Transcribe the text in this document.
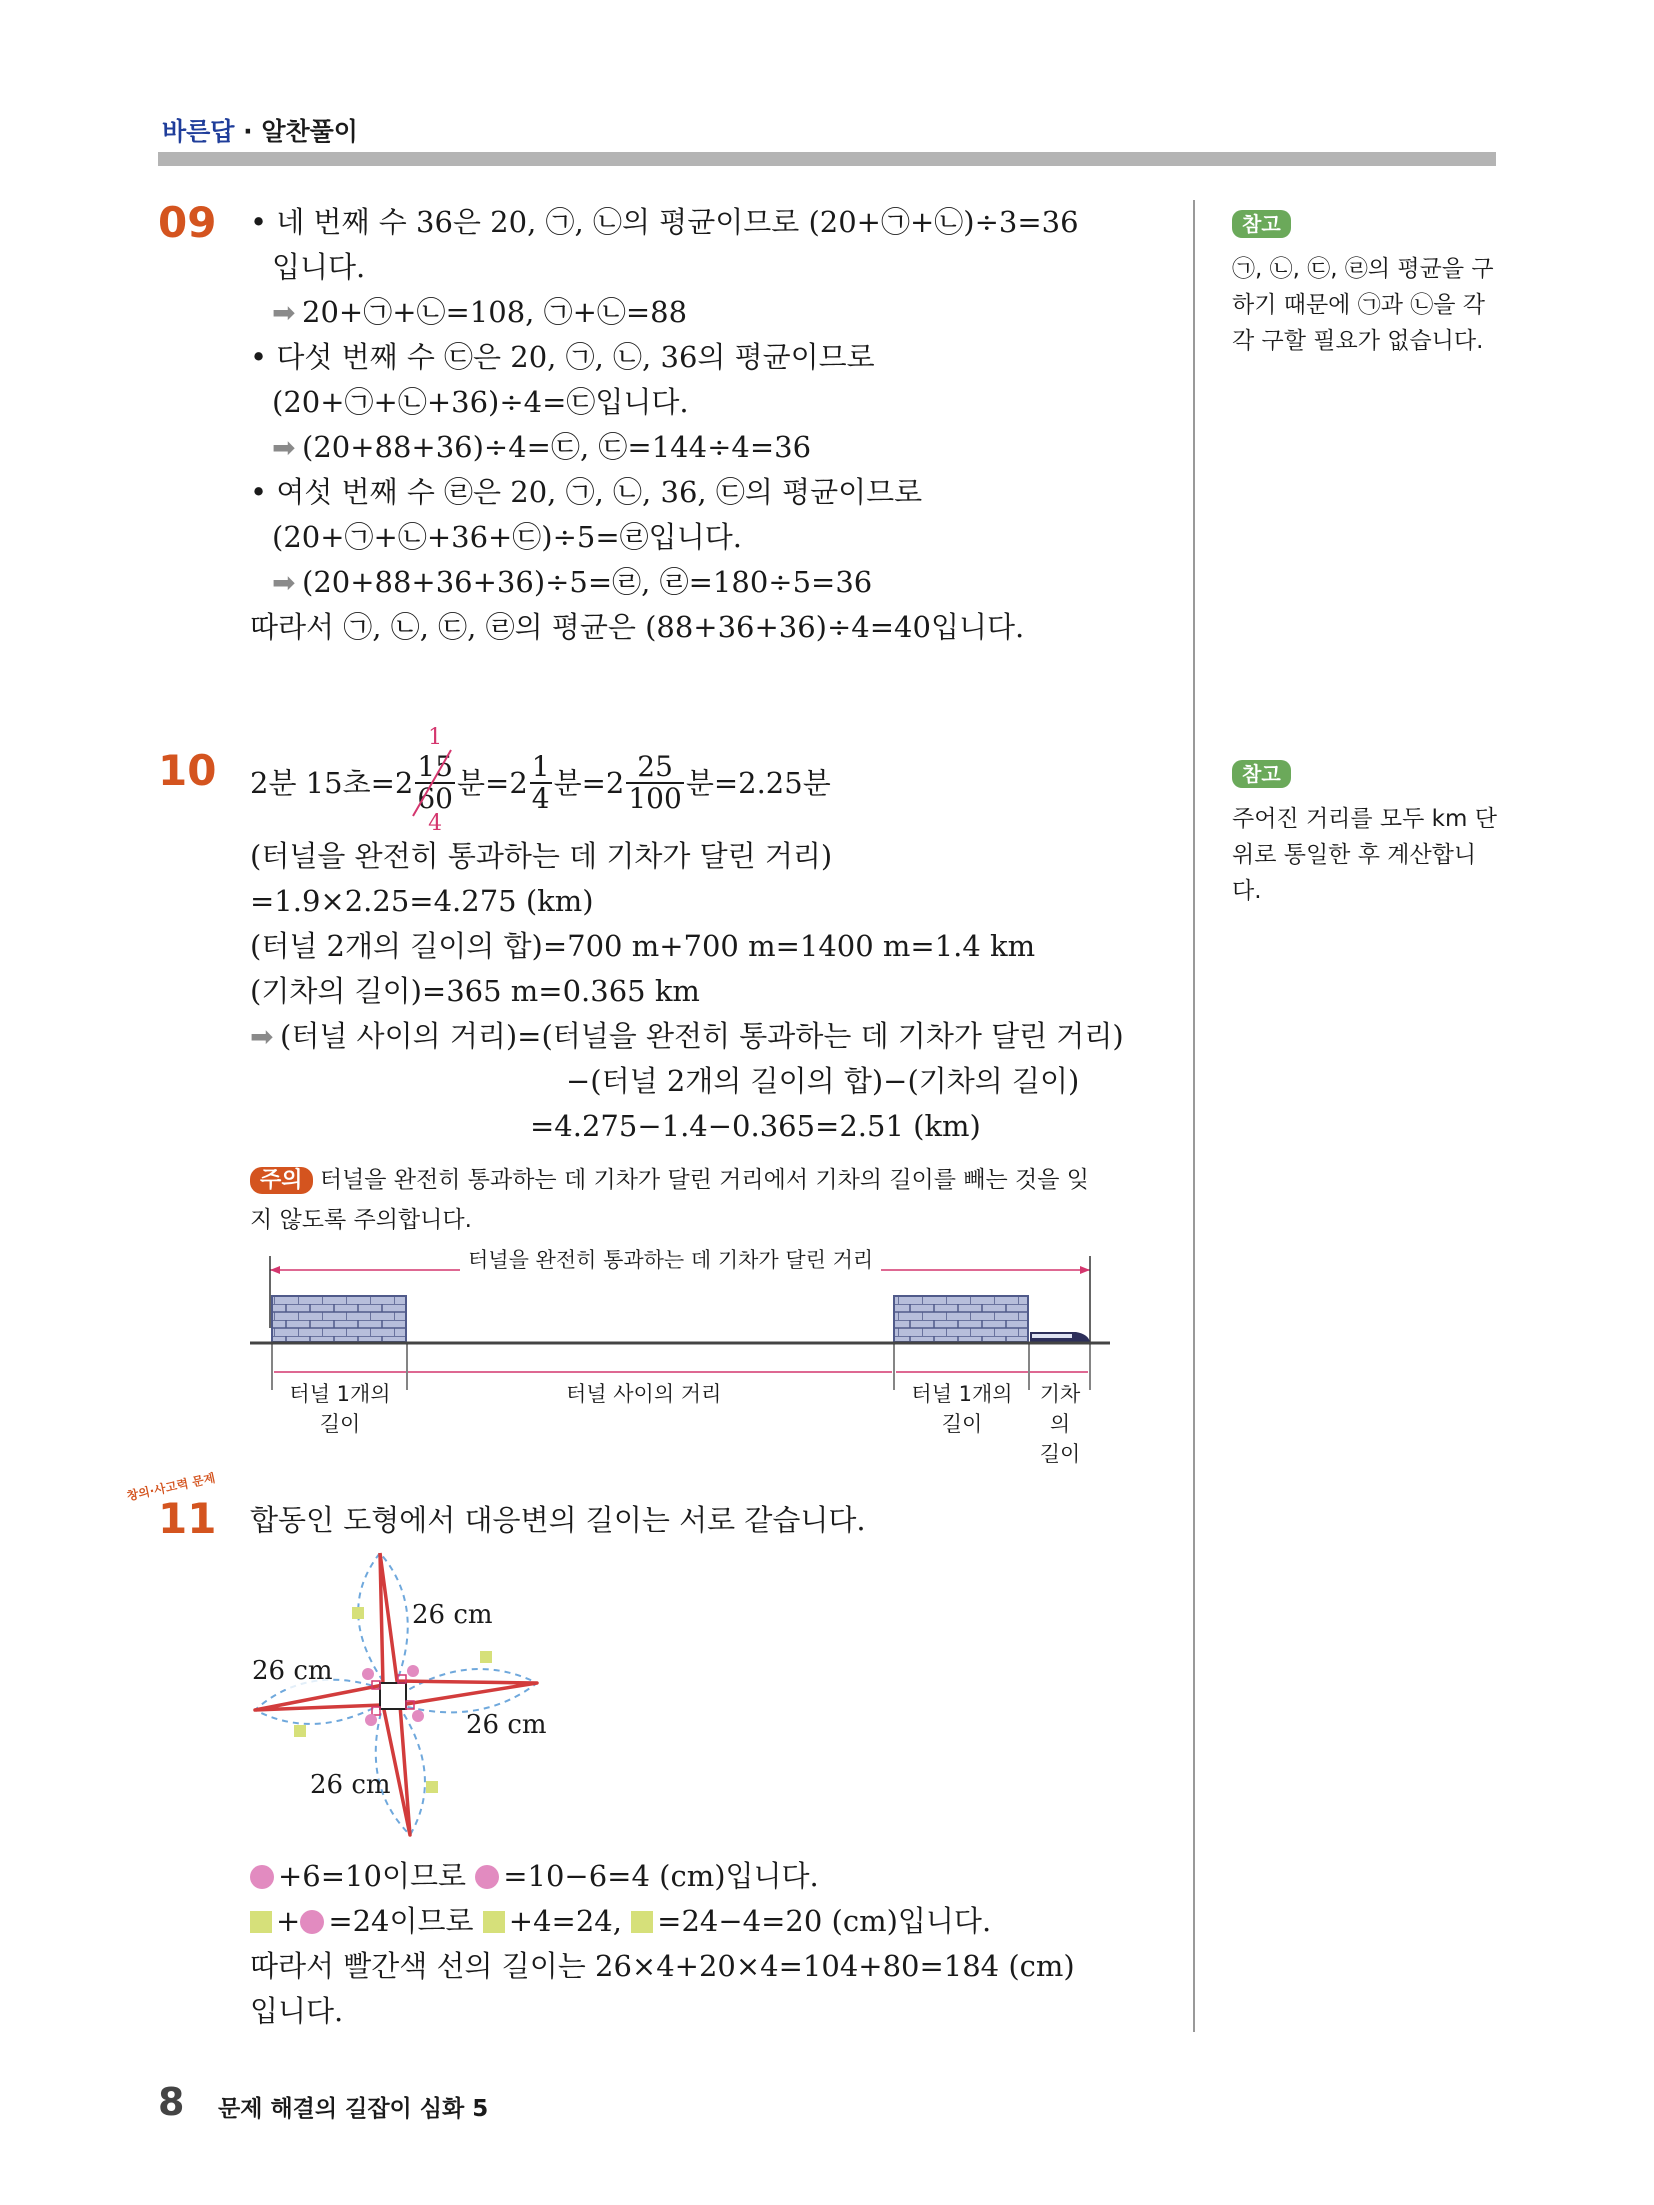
바른답 · 알찬풀이
09 • 네 번째 수 36은 20, ㉠, ㉡의 평균이므로 (20+㉠+㉡)÷3=36
입니다.
➡ 20+㉠+㉡=108, ㉠+㉡=88
• 다섯 번째 수 ㉢은 20, ㉠, ㉡, 36의 평균이므로
(20+㉠+㉡+36)÷4=㉢입니다.
➡ (20+88+36)÷4=㉢, ㉢=144÷4=36
• 여섯 번째 수 ㉣은 20, ㉠, ㉡, 36, ㉢의 평균이므로
(20+㉠+㉡+36+㉢)÷5=㉣입니다.
➡ (20+88+36+36)÷5=㉣, ㉣=180÷5=36
따라서 ㉠, ㉡, ㉢, ㉣의 평균은 (88+36+36)÷4=40입니다.
참고
㉠, ㉡, ㉢, ㉣의 평균을 구하기 때문에 ㉠과 ㉡을 각각 구할 필요가 없습니다.
10 2분 15초=2
1
15
60
4
분$=2 \frac{1}{4}$ 분$=2 \frac{25}{100}$ 분=2.25분
(터널을 완전히 통과하는 데 기차가 달린 거리)
=1.9×2.25=4.275 (km)
(터널 2개의 길이의 합)=700 m+700 m=1400 m=1.4 km
(기차의 길이)=365 m=0.365 km
➡ (터널 사이의 거리)=(터널을 완전히 통과하는 데 기차가 달린 거리)
−(터널 2개의 길이의 합)−(기차의 길이)
=4.275−1.4−0.365=2.51 (km)
주의 터널을 완전히 통과하는 데 기차가 달린 거리에서 기차의 길이를 빼는 것을 잊
지 않도록 주의합니다.
터널을 완전히 통과하는 데 기차가 달린 거리
터널 1개의
길이
터널 사이의 거리	터널 1개의
길이
기차의
길이
참고
주어진 거리를 모두 km 단위로 통일한 후 계산합니다.
창의·사고력 문제
11 합동인 도형에서 대응변의 길이는 서로 같습니다.
26 cm
26 cm
26 cm
26 cm
+6=10이므로 =10−6=4 (cm)입니다.
+ =24이므로 +4=24, =24−4=20 (cm)입니다.
따라서 빨간색 선의 길이는 26×4+20×4=104+80=184 (cm)
입니다.
8 문제 해결의 길잡이 심화 5
